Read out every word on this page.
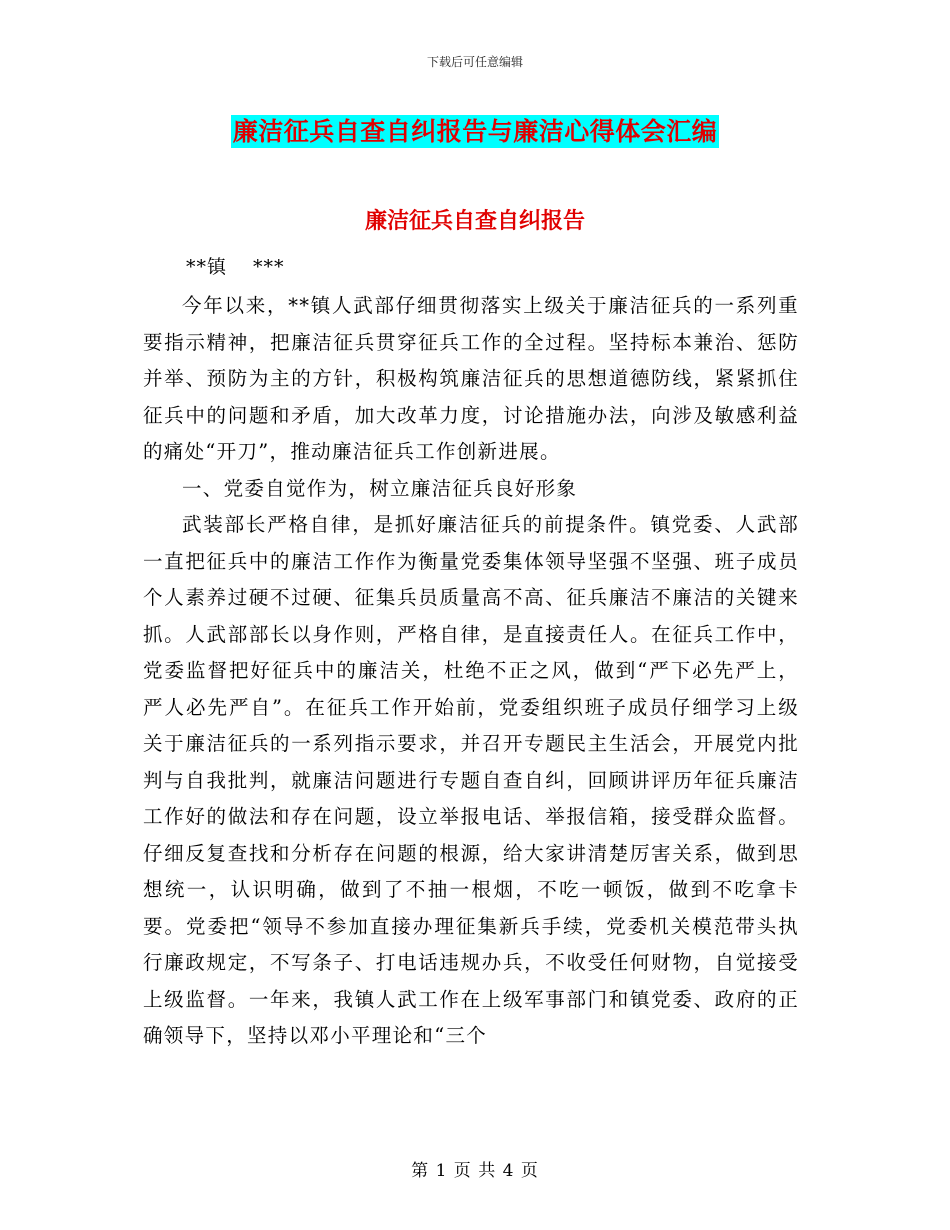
下载后可任意编辑
廉洁征兵自查自纠报告与廉洁心得体会汇编
廉洁征兵自查自纠报告
**镇 ***

今年以来，**镇人武部仔细贯彻落实上级关于廉洁征兵的一系列重要指示精神，把廉洁征兵贯穿征兵工作的全过程。坚持标本兼治、惩防并举、预防为主的方针，积极构筑廉洁征兵的思想道德防线，紧紧抓住征兵中的问题和矛盾，加大改革力度，讨论措施办法，向涉及敏感利益的痛处“开刀”，推动廉洁征兵工作创新进展。

一、党委自觉作为，树立廉洁征兵良好形象

武装部长严格自律，是抓好廉洁征兵的前提条件。镇党委、人武部一直把征兵中的廉洁工作作为衡量党委集体领导坚强不坚强、班子成员个人素养过硬不过硬、征集兵员质量高不高、征兵廉洁不廉洁的关键来抓。人武部部长以身作则，严格自律，是直接责任人。在征兵工作中，党委监督把好征兵中的廉洁关，杜绝不正之风，做到“严下必先严上，严人必先严自”。在征兵工作开始前，党委组织班子成员仔细学习上级关于廉洁征兵的一系列指示要求，并召开专题民主生活会，开展党内批判与自我批判，就廉洁问题进行专题自查自纠，回顾讲评历年征兵廉洁工作好的做法和存在问题，设立举报电话、举报信箱，接受群众监督。仔细反复查找和分析存在问题的根源，给大家讲清楚厉害关系，做到思想统一，认识明确，做到了不抽一根烟，不吃一顿饭，做到不吃拿卡要。党委把“领导不参加直接办理征集新兵手续，党委机关模范带头执行廉政规定，不写条子、打电话违规办兵，不收受任何财物，自觉接受上级监督。一年来，我镇人武工作在上级军事部门和镇党委、政府的正确领导下，坚持以邓小平理论和“三个

第 1 页 共 4 页
